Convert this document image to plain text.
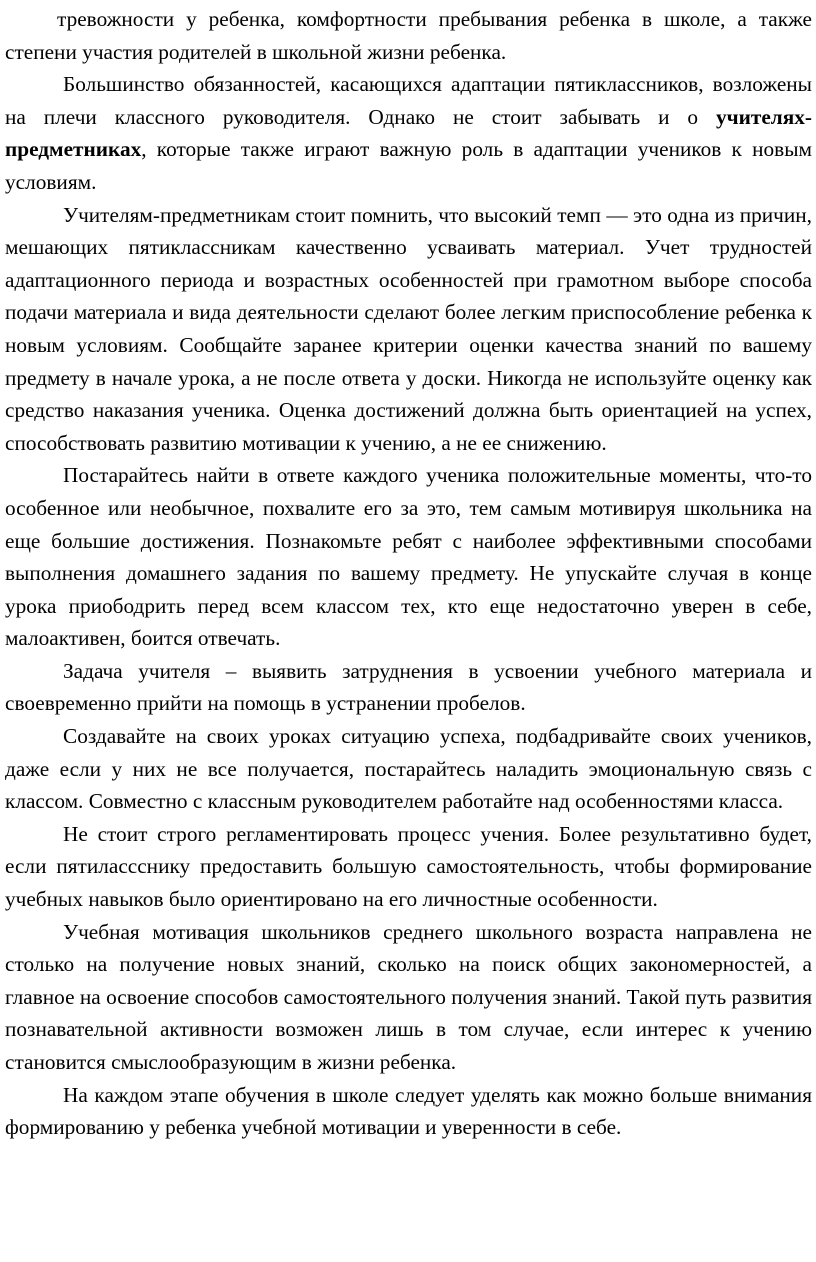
тревожности у ребенка, комфортности пребывания ребенка в школе, а также степени участия родителей в школьной жизни ребенка.

Большинство обязанностей, касающихся адаптации пятиклассников, возложены на плечи классного руководителя. Однако не стоит забывать и о учителях-предметниках, которые также играют важную роль в адаптации учеников к новым условиям.

Учителям-предметникам стоит помнить, что высокий темп — это одна из причин, мешающих пятиклассникам качественно усваивать материал. Учет трудностей адаптационного периода и возрастных особенностей при грамотном выборе способа подачи материала и вида деятельности сделают более легким приспособление ребенка к новым условиям. Сообщайте заранее критерии оценки качества знаний по вашему предмету в начале урока, а не после ответа у доски. Никогда не используйте оценку как средство наказания ученика. Оценка достижений должна быть ориентацией на успех, способствовать развитию мотивации к учению, а не ее снижению.

Постарайтесь найти в ответе каждого ученика положительные моменты, что-то особенное или необычное, похвалите его за это, тем самым мотивируя школьника на еще большие достижения. Познакомьте ребят с наиболее эффективными способами выполнения домашнего задания по вашему предмету. Не упускайте случая в конце урока приободрить перед всем классом тех, кто еще недостаточно уверен в себе, малоактивен, боится отвечать.

Задача учителя – выявить затруднения в усвоении учебного материала и своевременно прийти на помощь в устранении пробелов.

Создавайте на своих уроках ситуацию успеха, подбадривайте своих учеников, даже если у них не все получается, постарайтесь наладить эмоциональную связь с классом. Совместно с классным руководителем работайте над особенностями класса.

Не стоит строго регламентировать процесс учения. Более результативно будет, если пятилассснику предоставить большую самостоятельность, чтобы формирование учебных навыков было ориентировано на его личностные особенности.

Учебная мотивация школьников среднего школьного возраста направлена не столько на получение новых знаний, сколько на поиск общих закономерностей, а главное на освоение способов самостоятельного получения знаний. Такой путь развития познавательной активности возможен лишь в том случае, если интерес к учению становится смыслообразующим в жизни ребенка.

На каждом этапе обучения в школе следует уделять как можно больше внимания формированию у ребенка учебной мотивации и уверенности в себе.
